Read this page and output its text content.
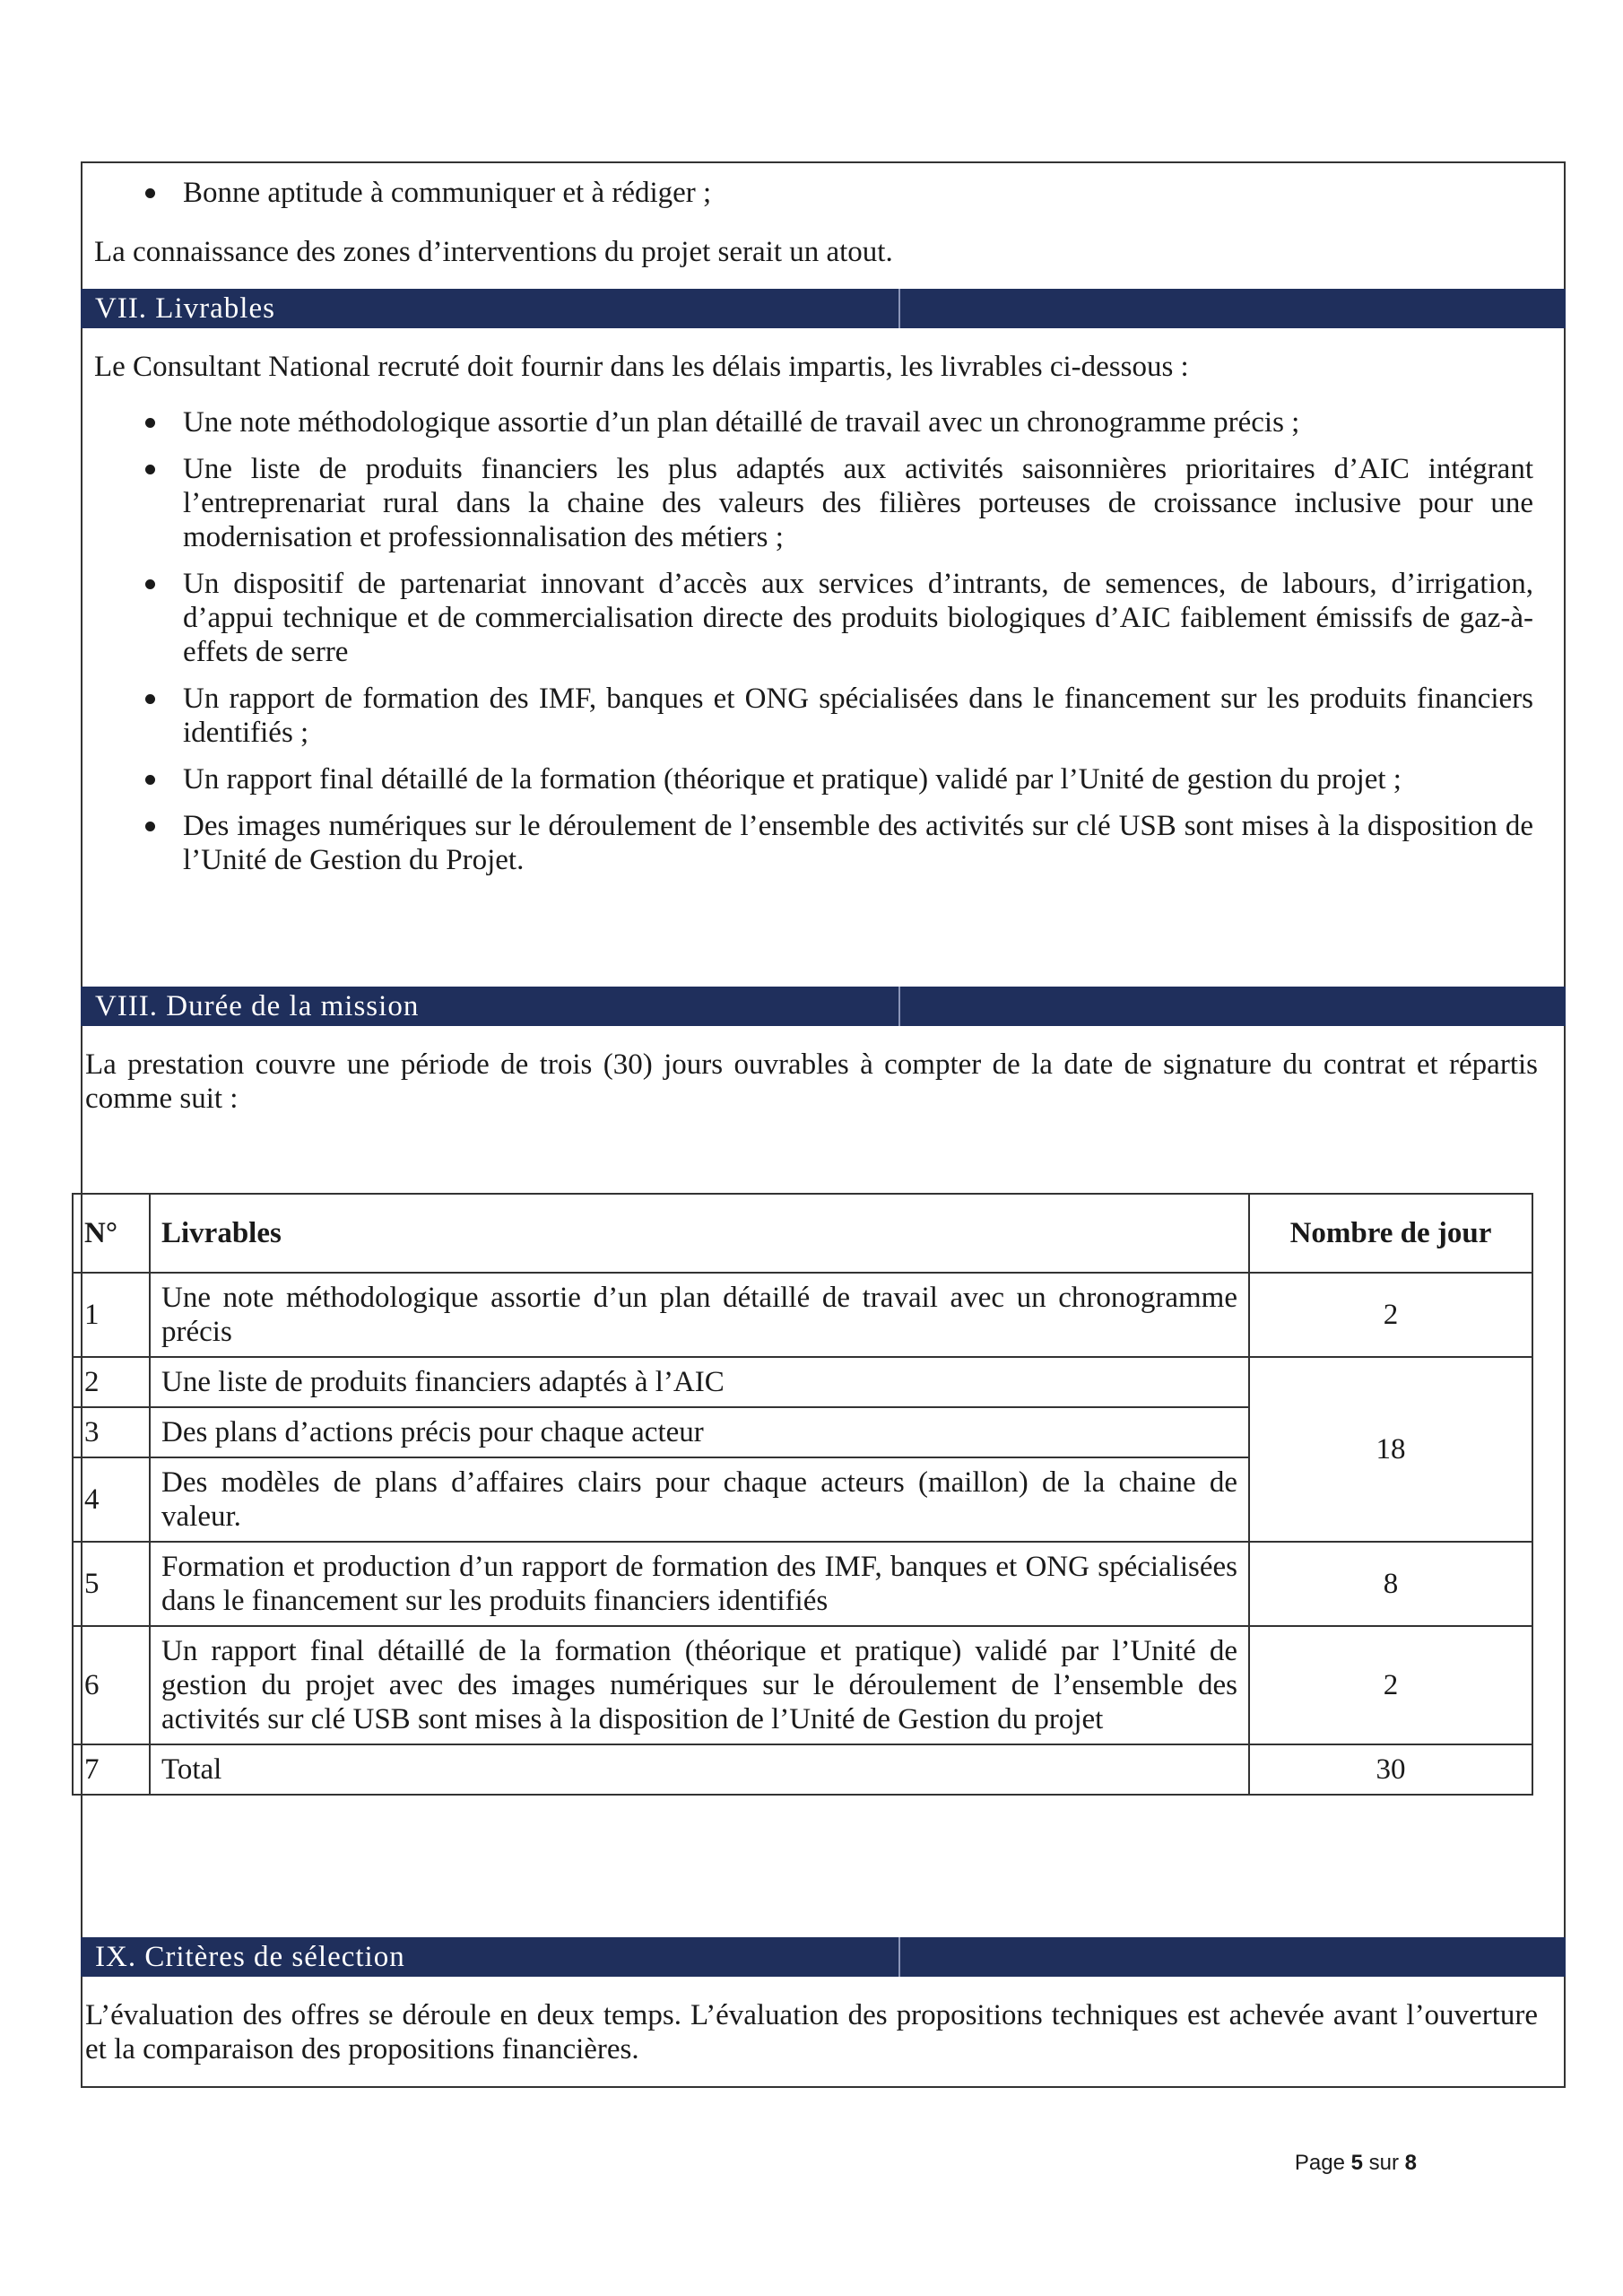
Bonne aptitude à communiquer et à rédiger ;
La connaissance des zones d’interventions du projet serait un atout.
VII. Livrables
Le Consultant National recruté doit fournir dans les délais impartis, les livrables ci-dessous :
Une note méthodologique assortie d’un plan détaillé de travail avec un chronogramme précis ;
Une liste de produits financiers les plus adaptés aux activités saisonnières prioritaires d’AIC intégrant l’entreprenariat rural dans la chaine des valeurs des filières porteuses de croissance inclusive pour une modernisation et professionnalisation des métiers ;
Un dispositif de partenariat innovant d’accès aux services d’intrants, de semences, de labours, d’irrigation, d’appui technique et de commercialisation directe des produits biologiques d’AIC faiblement émissifs de gaz-à-effets de serre
Un rapport de formation des IMF, banques et ONG spécialisées dans le financement sur les produits financiers identifiés ;
Un rapport final détaillé de la formation (théorique et pratique) validé par l’Unité de gestion du projet ;
Des images numériques sur le déroulement de l’ensemble des activités sur clé USB sont mises à la disposition de l’Unité de Gestion du Projet.
VIII. Durée de la mission
La prestation couvre une période de trois (30) jours ouvrables à compter de la date de signature du contrat et répartis comme suit :
N°	Livrables	Nombre de jour
1	Une note méthodologique assortie d’un plan détaillé de travail avec un chronogramme précis	2
2	Une liste de produits financiers adaptés à l’AIC	18
3	Des plans d’actions précis pour chaque acteur	
4	Des modèles de plans d’affaires clairs pour chaque acteurs (maillon) de la chaine de valeur.	
5	Formation et production d’un rapport de formation des IMF, banques et ONG spécialisées dans le financement sur les produits financiers identifiés	8
6	Un rapport final détaillé de la formation (théorique et pratique) validé par l’Unité de gestion du projet avec des images numériques sur le déroulement de l’ensemble des activités sur clé USB sont mises à la disposition de l’Unité de Gestion du projet	2
7	Total	30
IX. Critères de sélection
L’évaluation des offres se déroule en deux temps. L’évaluation des propositions techniques est achevée avant l’ouverture et la comparaison des propositions financières.
Page 5 sur 8
